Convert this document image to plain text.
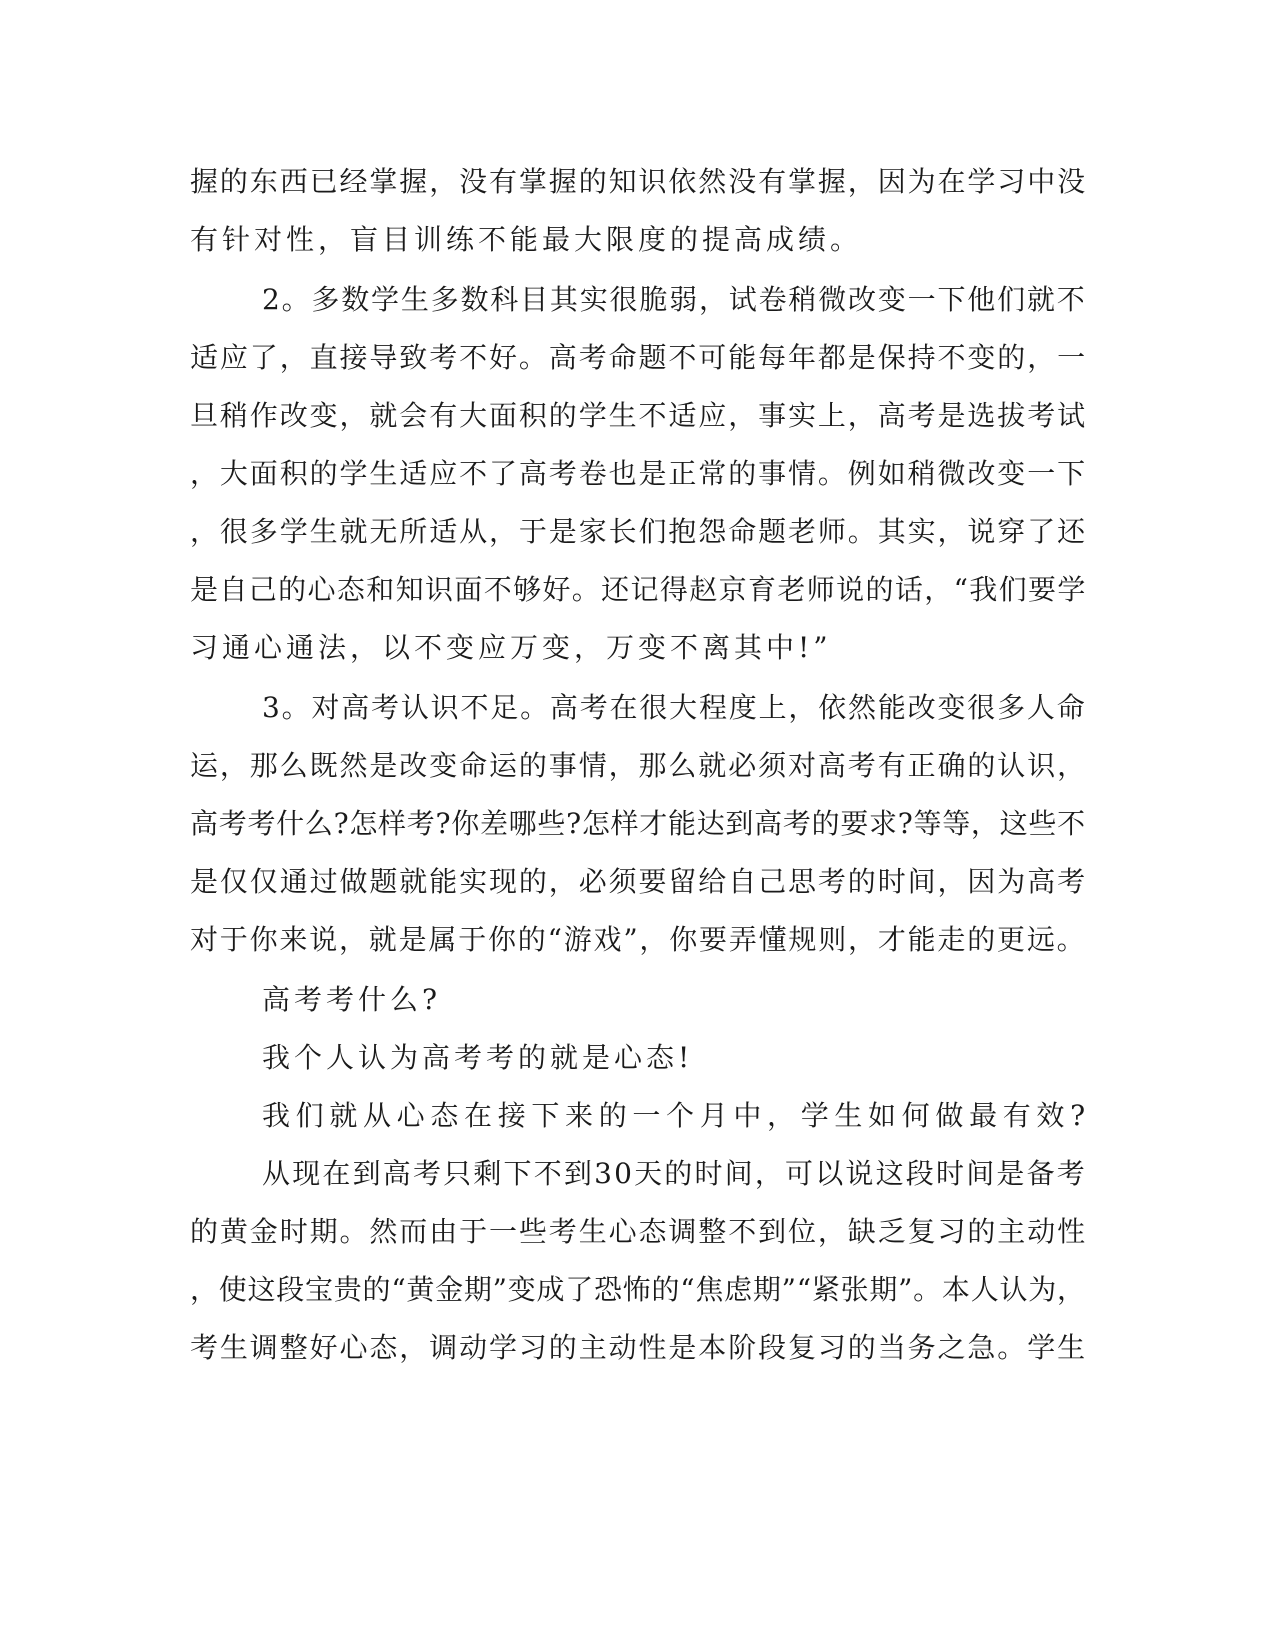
握的东西已经掌握，没有掌握的知识依然没有掌握，因为在学习中没
有针对性，盲目训练不能最大限度的提高成绩。
2。多数学生多数科目其实很脆弱，试卷稍微改变一下他们就不
适应了，直接导致考不好。高考命题不可能每年都是保持不变的，一
旦稍作改变，就会有大面积的学生不适应，事实上，高考是选拔考试
，大面积的学生适应不了高考卷也是正常的事情。例如稍微改变一下
，很多学生就无所适从，于是家长们抱怨命题老师。其实，说穿了还
是自己的心态和知识面不够好。还记得赵京育老师说的话，“我们要学
习通心通法，以不变应万变，万变不离其中!”
3。对高考认识不足。高考在很大程度上，依然能改变很多人命
运，那么既然是改变命运的事情，那么就必须对高考有正确的认识，
高考考什么?怎样考?你差哪些?怎样才能达到高考的要求?等等，这些不
是仅仅通过做题就能实现的，必须要留给自己思考的时间，因为高考
对于你来说，就是属于你的“游戏”，你要弄懂规则，才能走的更远。
高考考什么?
我个人认为高考考的就是心态!
我们就从心态在接下来的一个月中，学生如何做最有效?
从现在到高考只剩下不到30天的时间，可以说这段时间是备考
的黄金时期。然而由于一些考生心态调整不到位，缺乏复习的主动性
，使这段宝贵的“黄金期”变成了恐怖的“焦虑期”“紧张期”。本人认为，
考生调整好心态，调动学习的主动性是本阶段复习的当务之急。学生
